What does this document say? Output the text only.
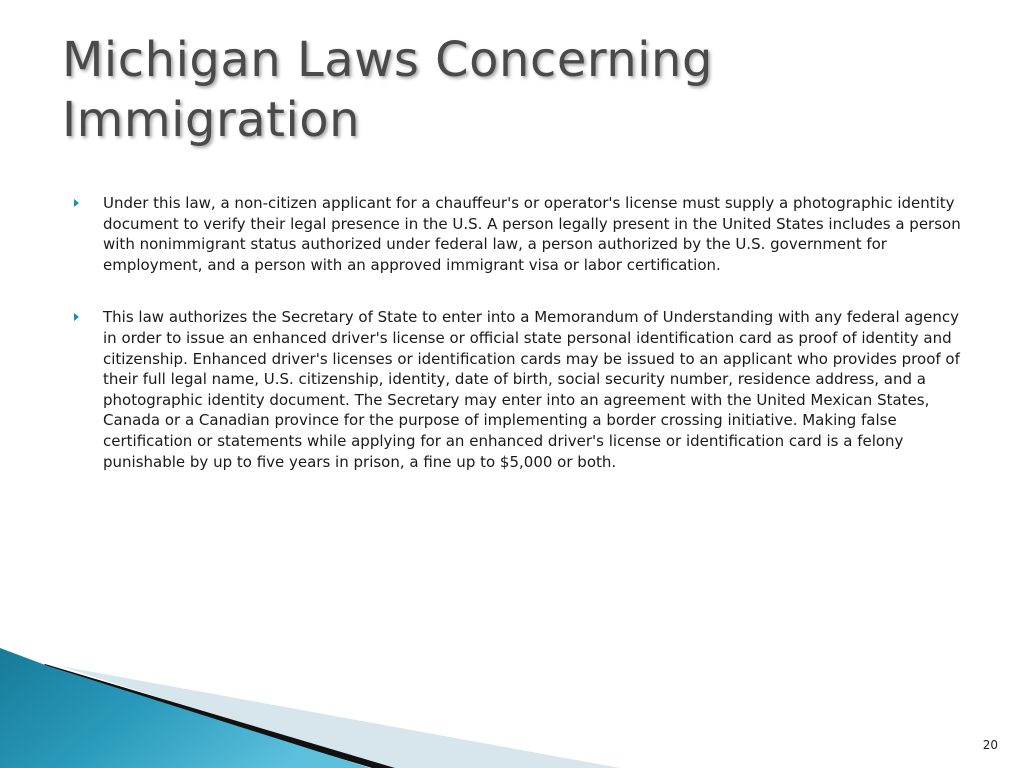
Michigan Laws Concerning Immigration
Under this law, a non-citizen applicant for a chauffeur's or operator's license must supply a photographic identity document to verify their legal presence in the U.S. A person legally present in the United States includes a person with nonimmigrant status authorized under federal law, a person authorized by the U.S. government for employment, and a person with an approved immigrant visa or labor certification.
This law authorizes the Secretary of State to enter into a Memorandum of Understanding with any federal agency in order to issue an enhanced driver's license or official state personal identification card as proof of identity and citizenship. Enhanced driver's licenses or identification cards may be issued to an applicant who provides proof of their full legal name, U.S. citizenship, identity, date of birth, social security number, residence address, and a photographic identity document. The Secretary may enter into an agreement with the United Mexican States, Canada or a Canadian province for the purpose of implementing a border crossing initiative. Making false certification or statements while applying for an enhanced driver's license or identification card is a felony punishable by up to five years in prison, a fine up to $5,000 or both.
20
